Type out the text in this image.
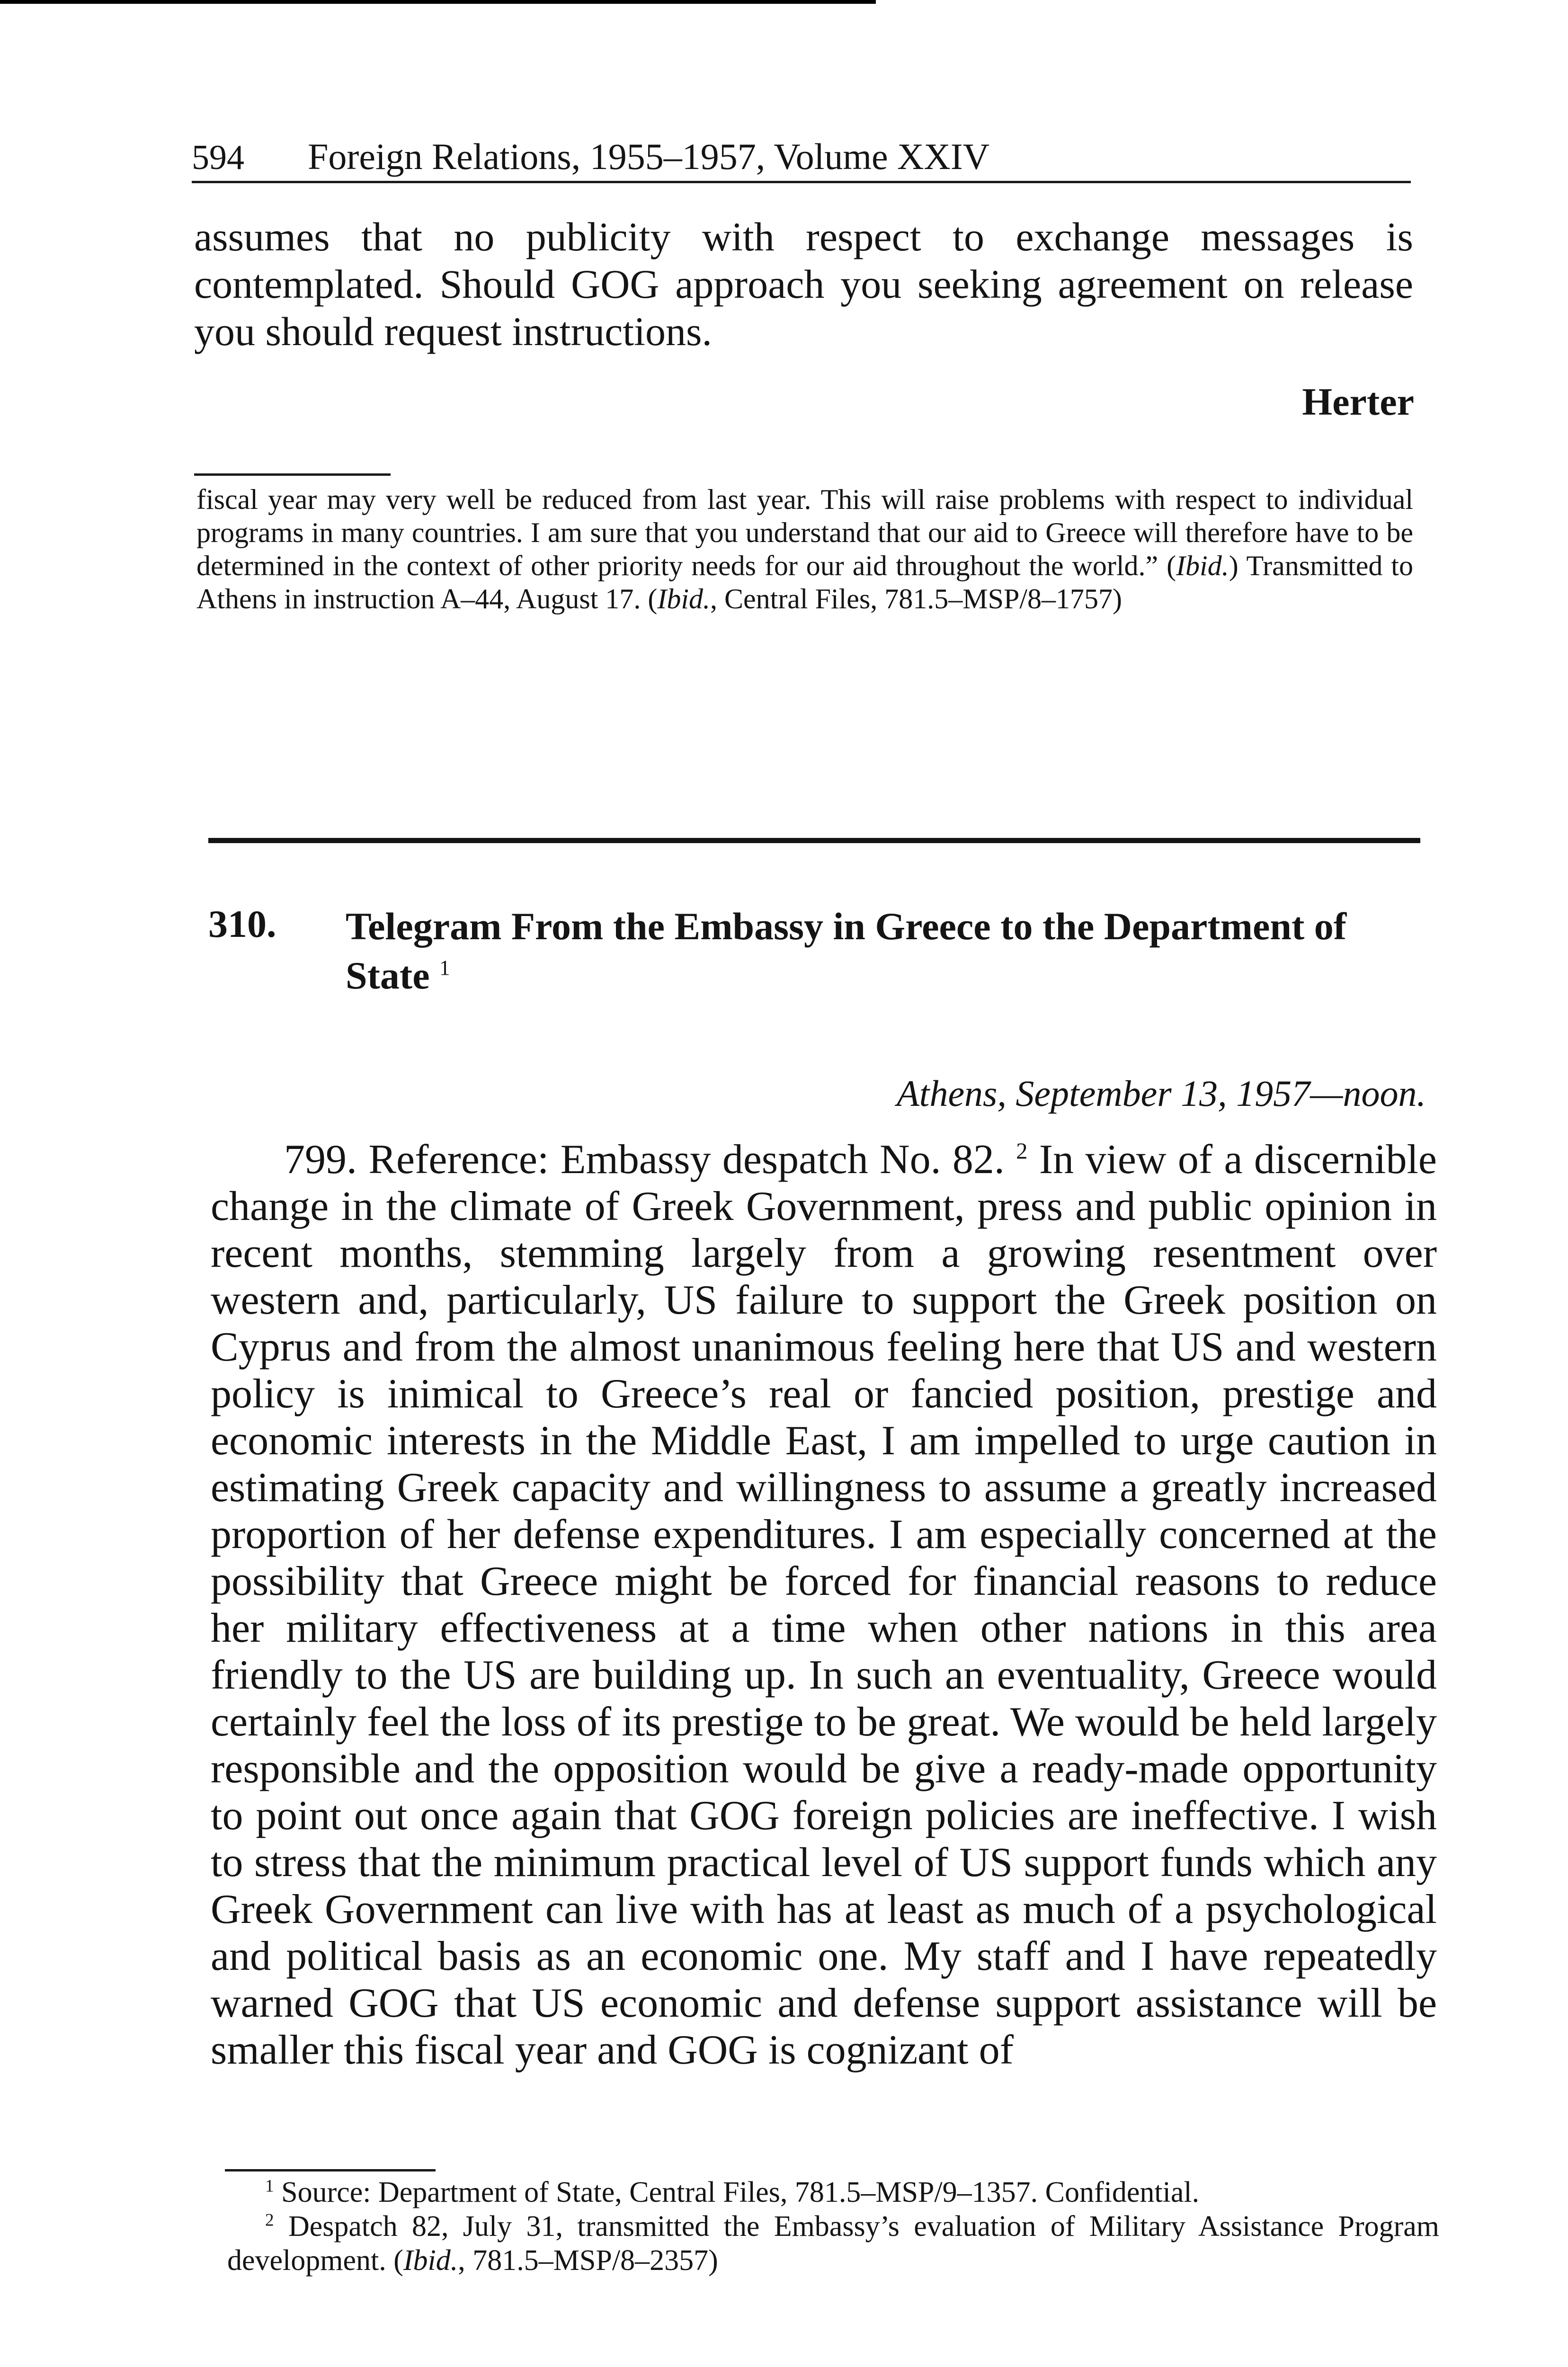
594 Foreign Relations, 1955–1957, Volume XXIV

assumes that no publicity with respect to exchange messages is contemplated. Should GOG approach you seeking agreement on release you should request instructions.

Herter

fiscal year may very well be reduced from last year. This will raise problems with respect to individual programs in many countries. I am sure that you understand that our aid to Greece will therefore have to be determined in the context of other priority needs for our aid throughout the world.” (Ibid.) Transmitted to Athens in instruction A–44, August 17. (Ibid., Central Files, 781.5–MSP/8–1757)

310. Telegram From the Embassy in Greece to the Department of State $^1$

Athens, September 13, 1957—noon.

799. Reference: Embassy despatch No. 82. $^2$ In view of a discernible change in the climate of Greek Government, press and public opinion in recent months, stemming largely from a growing resentment over western and, particularly, US failure to support the Greek position on Cyprus and from the almost unanimous feeling here that US and western policy is inimical to Greece’s real or fancied position, prestige and economic interests in the Middle East, I am impelled to urge caution in estimating Greek capacity and willingness to assume a greatly increased proportion of her defense expenditures. I am especially concerned at the possibility that Greece might be forced for financial reasons to reduce her military effectiveness at a time when other nations in this area friendly to the US are building up. In such an eventuality, Greece would certainly feel the loss of its prestige to be great. We would be held largely responsible and the opposition would be give a ready-made opportunity to point out once again that GOG foreign policies are ineffective. I wish to stress that the minimum practical level of US support funds which any Greek Government can live with has at least as much of a psychological and political basis as an economic one. My staff and I have repeatedly warned GOG that US economic and defense support assistance will be smaller this fiscal year and GOG is cognizant of

$^1$ Source: Department of State, Central Files, 781.5–MSP/9–1357. Confidential.

$^2$ Despatch 82, July 31, transmitted the Embassy’s evaluation of Military Assistance Program development. (Ibid., 781.5–MSP/8–2357)
